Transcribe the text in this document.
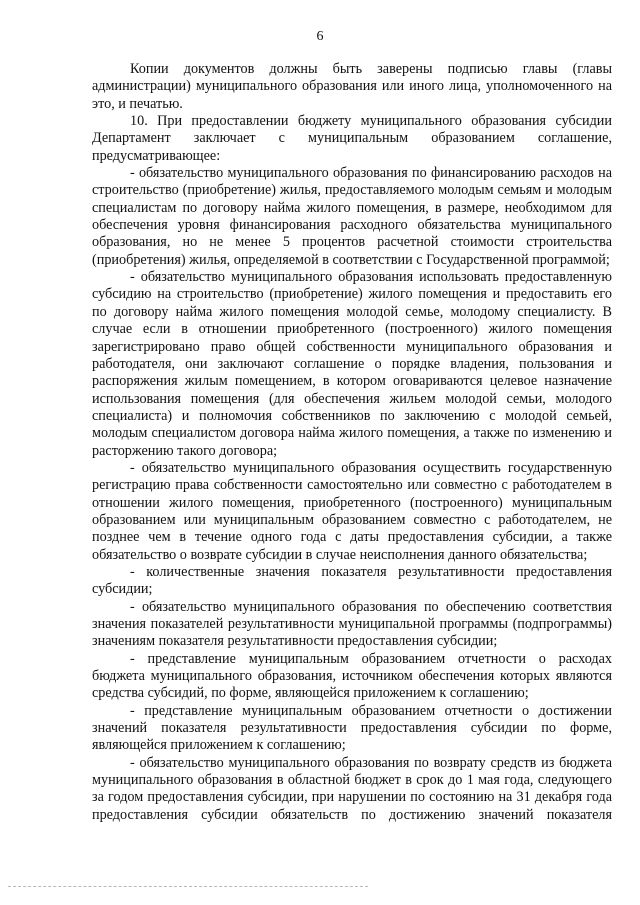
6

Копии документов должны быть заверены подписью главы (главы администрации) муниципального образования или иного лица, уполномоченного на это, и печатью.

10. При предоставлении бюджету муниципального образования субсидии Департамент заключает с муниципальным образованием соглашение, предусматривающее:

- обязательство муниципального образования по финансированию расходов на строительство (приобретение) жилья, предоставляемого молодым семьям и молодым специалистам по договору найма жилого помещения, в размере, необходимом для обеспечения уровня финансирования расходного обязательства муниципального образования, но не менее 5 процентов расчетной стоимости строительства (приобретения) жилья, определяемой в соответствии с Государственной программой;

- обязательство муниципального образования использовать предоставленную субсидию на строительство (приобретение) жилого помещения и предоставить его по договору найма жилого помещения молодой семье, молодому специалисту. В случае если в отношении приобретенного (построенного) жилого помещения зарегистрировано право общей собственности муниципального образования и работодателя, они заключают соглашение о порядке владения, пользования и распоряжения жилым помещением, в котором оговариваются целевое назначение использования помещения (для обеспечения жильем молодой семьи, молодого специалиста) и полномочия собственников по заключению с молодой семьей, молодым специалистом договора найма жилого помещения, а также по изменению и расторжению такого договора;

- обязательство муниципального образования осуществить государственную регистрацию права собственности самостоятельно или совместно с работодателем в отношении жилого помещения, приобретенного (построенного) муниципальным образованием или муниципальным образованием совместно с работодателем, не позднее чем в течение одного года с даты предоставления субсидии, а также обязательство о возврате субсидии в случае неисполнения данного обязательства;

- количественные значения показателя результативности предоставления субсидии;

- обязательство муниципального образования по обеспечению соответствия значения показателей результативности муниципальной программы (подпрограммы) значениям показателя результативности предоставления субсидии;

- представление муниципальным образованием отчетности о расходах бюджета муниципального образования, источником обеспечения которых являются средства субсидий, по форме, являющейся приложением к соглашению;

- представление муниципальным образованием отчетности о достижении значений показателя результативности предоставления субсидии по форме, являющейся приложением к соглашению;

- обязательство муниципального образования по возврату средств из бюджета муниципального образования в областной бюджет в срок до 1 мая года, следующего за годом предоставления субсидии, при нарушении по состоянию на 31 декабря года предоставления субсидии обязательств по достижению значений показателя
